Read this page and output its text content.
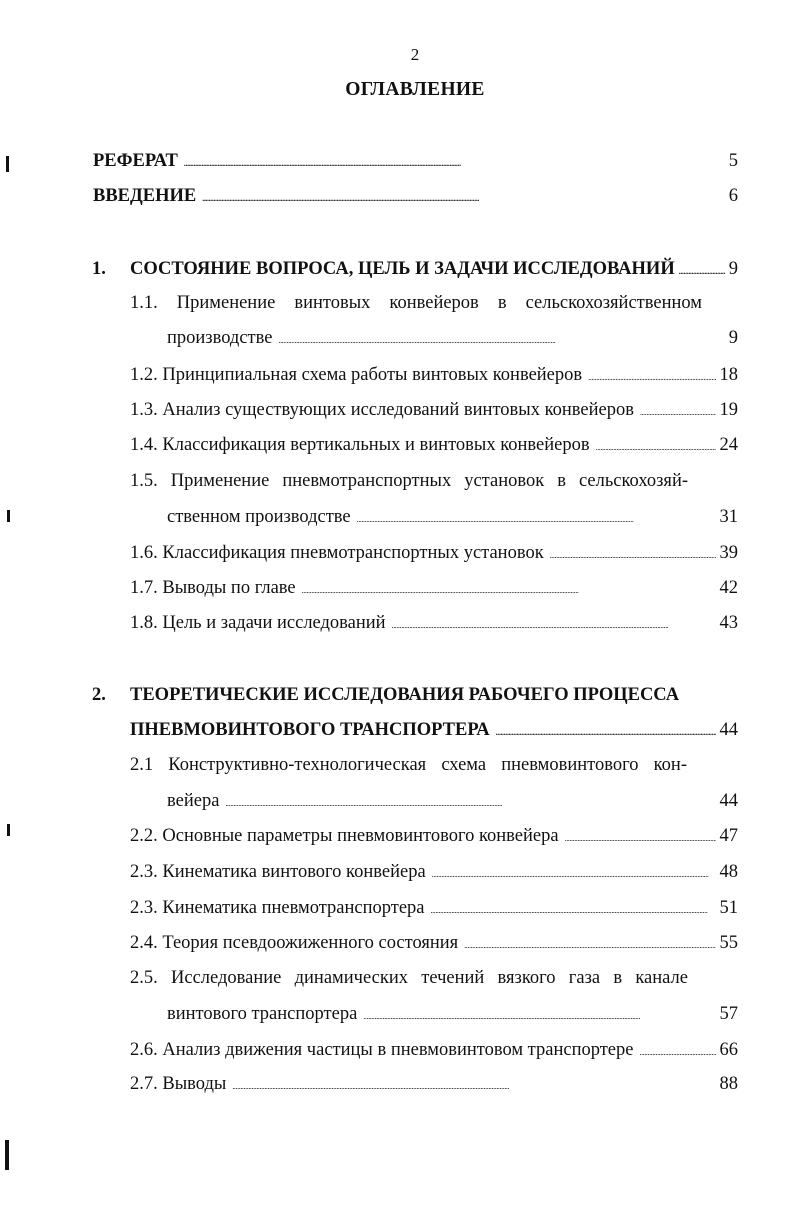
2
ОГЛАВЛЕНИЕ
РЕФЕРАТ . . .	5
ВВЕДЕНИЕ . . .	6
1. СОСТОЯНИЕ ВОПРОСА, ЦЕЛЬ И ЗАДАЧИ ИССЛЕДОВАНИЙ . . .	9
1.1. Применение винтовых конвейеров в сельскохозяйственном
производстве . . .	9
1.2. Принципиальная схема работы винтовых конвейеров . . .	18
1.3. Анализ существующих исследований винтовых конвейеров . . .	19
1.4. Классификация вертикальных и винтовых конвейеров . . .	24
1.5. Применение пневмотранспортных установок в сельскохозяй-
ственном производстве . . .	31
1.6. Классификация пневмотранспортных установок . . .	39
1.7. Выводы по главе . . .	42
1.8. Цель и задачи исследований . . .	43
2. ТЕОРЕТИЧЕСКИЕ ИССЛЕДОВАНИЯ РАБОЧЕГО ПРОЦЕССА
ПНЕВМОВИНТОВОГО ТРАНСПОРТЕРА . . .	44
2.1 Конструктивно-технологическая схема пневмовинтового кон-
вейера . . .	44
2.2. Основные параметры пневмовинтового конвейера . . .	47
2.3. Кинематика винтового конвейера . . .	48
2.3. Кинематика пневмотранспортера . . .	51
2.4. Теория псевдоожиженного состояния . . .	55
2.5. Исследование динамических течений вязкого газа в канале
винтового транспортера . . .	57
2.6. Анализ движения частицы в пневмовинтовом транспортере . . .	66
2.7. Выводы . . .	88
